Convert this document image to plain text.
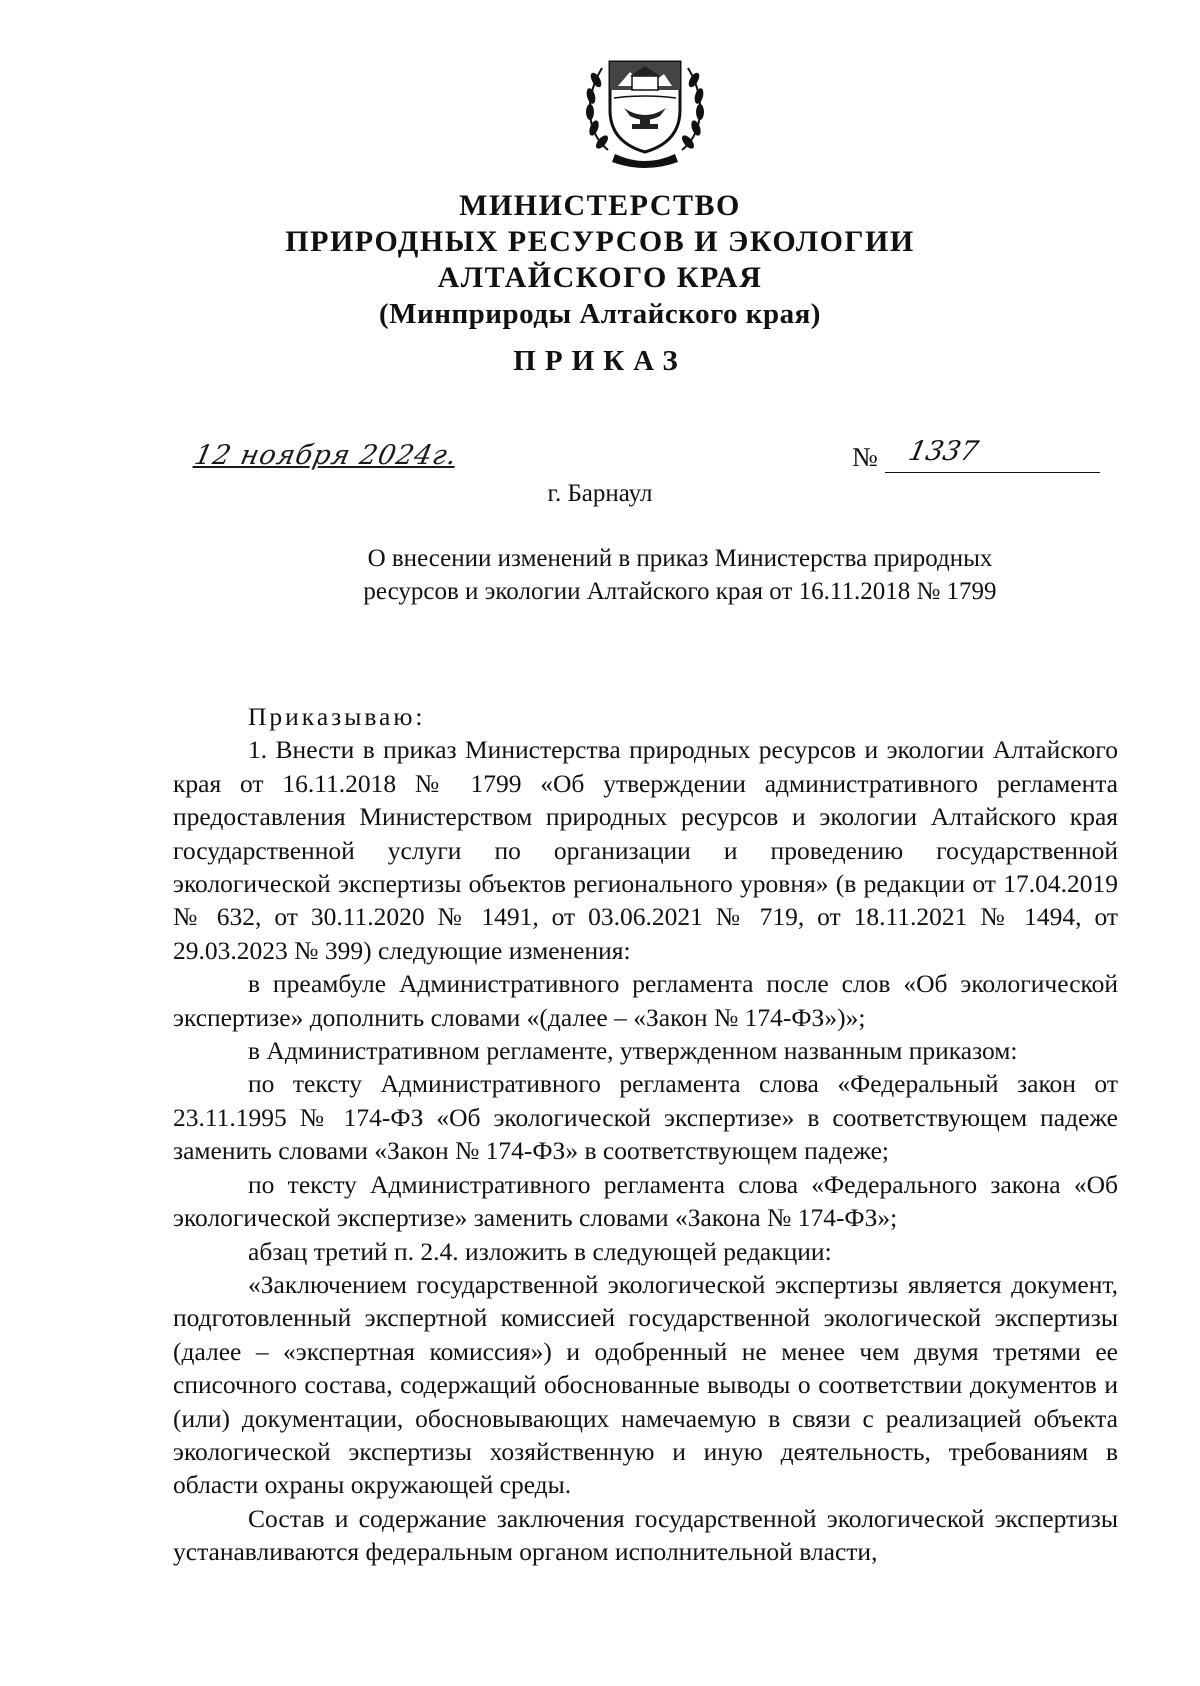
МИНИСТЕРСТВО
ПРИРОДНЫХ РЕСУРСОВ И ЭКОЛОГИИ
АЛТАЙСКОГО КРАЯ
(Минприроды Алтайского края)
ПРИКАЗ
12 ноября 2024г.	№ 1337
г. Барнаул
О внесении изменений в приказ Министерства природных ресурсов и экологии Алтайского края от 16.11.2018 № 1799

Приказываю:

1. Внести в приказ Министерства природных ресурсов и экологии Алтайского края от 16.11.2018 № 1799 «Об утверждении административного регламента предоставления Министерством природных ресурсов и экологии Алтайского края государственной услуги по организации и проведению государственной экологической экспертизы объектов регионального уровня» (в редакции от 17.04.2019 № 632, от 30.11.2020 № 1491, от 03.06.2021 № 719, от 18.11.2021 № 1494, от 29.03.2023 № 399) следующие изменения:

в преамбуле Административного регламента после слов «Об экологической экспертизе» дополнить словами «(далее – «Закон № 174-ФЗ»)»;

в Административном регламенте, утвержденном названным приказом:

по тексту Административного регламента слова «Федеральный закон от 23.11.1995 № 174-ФЗ «Об экологической экспертизе» в соответствующем падеже заменить словами «Закон № 174-ФЗ» в соответствующем падеже;

по тексту Административного регламента слова «Федерального закона «Об экологической экспертизе» заменить словами «Закона № 174-ФЗ»;

абзац третий п. 2.4. изложить в следующей редакции:

«Заключением государственной экологической экспертизы является документ, подготовленный экспертной комиссией государственной экологической экспертизы (далее – «экспертная комиссия») и одобренный не менее чем двумя третями ее списочного состава, содержащий обоснованные выводы о соответствии документов и (или) документации, обосновывающих намечаемую в связи с реализацией объекта экологической экспертизы хозяйственную и иную деятельность, требованиям в области охраны окружающей среды.

Состав и содержание заключения государственной экологической экспертизы устанавливаются федеральным органом исполнительной власти,
